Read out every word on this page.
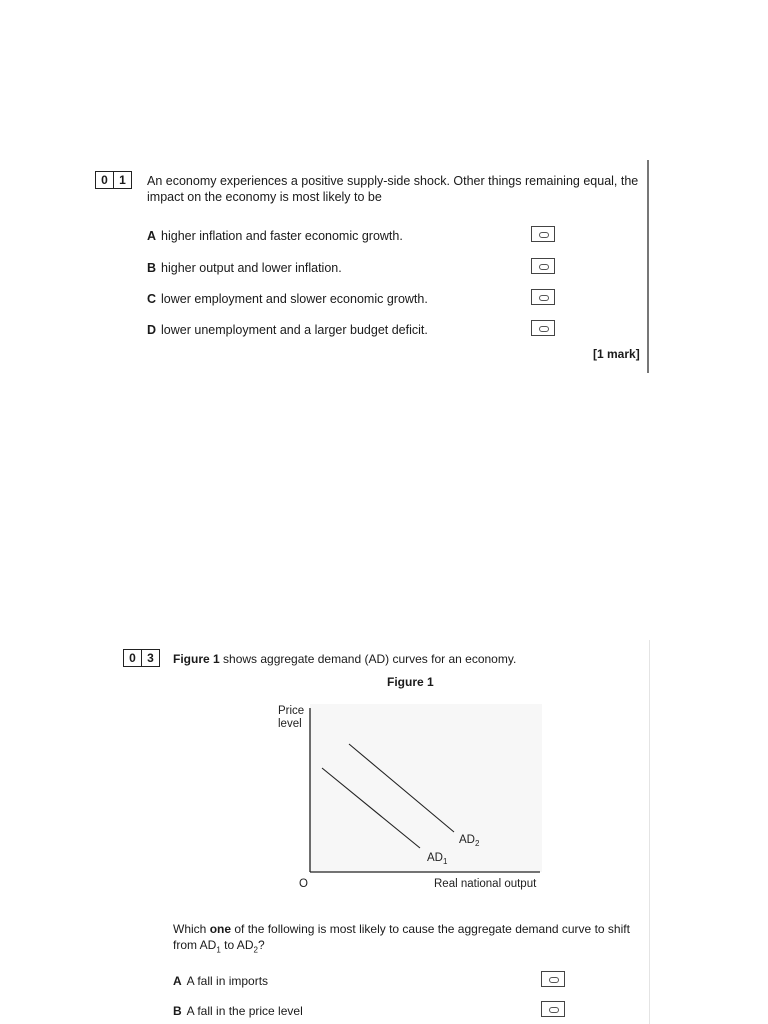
0 1	An economy experiences a positive supply-side shock. Other things remaining equal, the
impact on the economy is most likely to be
A higher inflation and faster economic growth.
B higher output and lower inflation.
C lower employment and slower economic growth.
D lower unemployment and a larger budget deficit.
[1 mark]
0 3	Figure 1 shows aggregate demand (AD) curves for an economy.
Figure 1
Price
level
O	Real national output
$AD_1$
$AD_2$
Which one of the following is most likely to cause the aggregate demand curve to shift
from $AD_1$ to $AD_2$?
A A fall in imports
B A fall in the price level
